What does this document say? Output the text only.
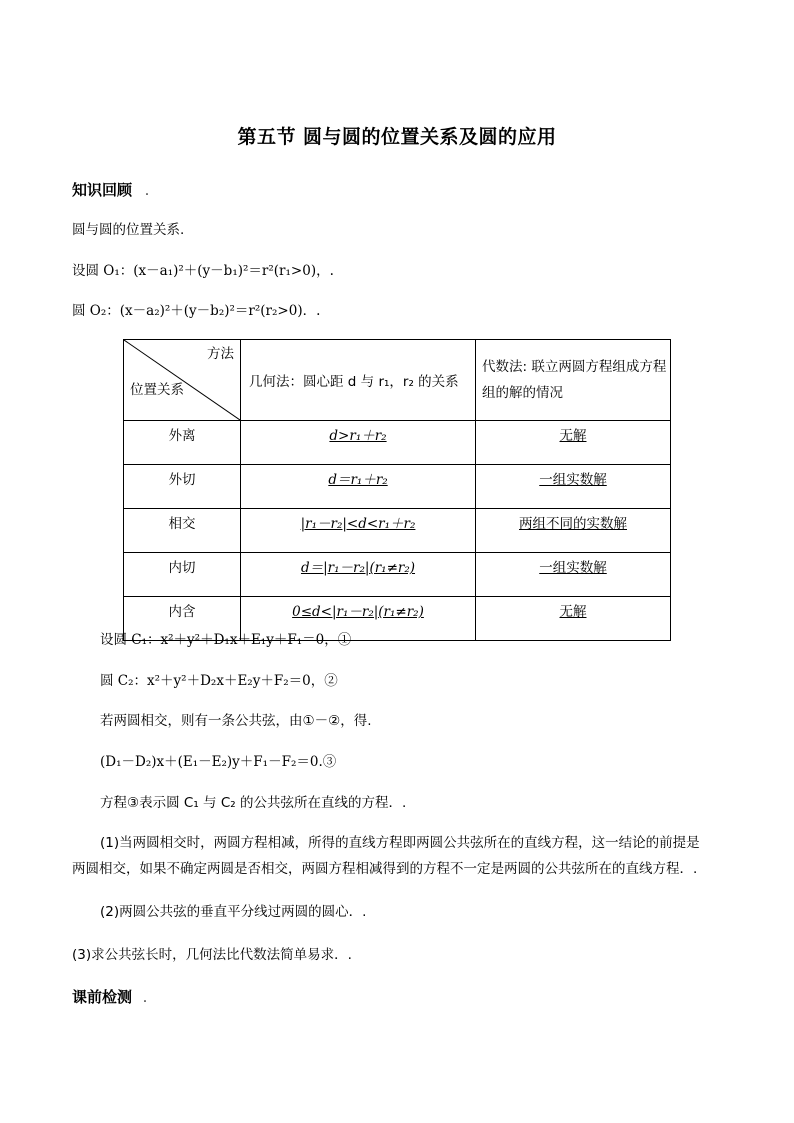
第五节 圆与圆的位置关系及圆的应用
知识回顾 .
圆与圆的位置关系.
设圆 O₁：(x－a₁)²＋(y－b₁)²＝r²(r₁>0)，.
圆 O₂：(x－a₂)²＋(y－b₂)²＝r²(r₂>0)．.
方法
位置关系	几何法：圆心距 d 与 r₁，r₂ 的关系	代数法: 联立两圆方程组成方程组的解的情况
外离	d>r₁＋r₂	无解
外切	d＝r₁＋r₂	一组实数解
相交	|r₁－r₂|<d<r₁＋r₂	两组不同的实数解
内切	d＝|r₁－r₂|(r₁≠r₂)	一组实数解
内含	0≤d<|r₁－r₂|(r₁≠r₂)	无解
设圆 C₁：x²＋y²＋D₁x＋E₁y＋F₁＝0，①
圆 C₂：x²＋y²＋D₂x＋E₂y＋F₂＝0，②
若两圆相交，则有一条公共弦，由①－②，得.
(D₁－D₂)x＋(E₁－E₂)y＋F₁－F₂＝0.③
方程③表示圆 C₁ 与 C₂ 的公共弦所在直线的方程．.
(1)当两圆相交时，两圆方程相减，所得的直线方程即两圆公共弦所在的直线方程，这一结论的前提是
两圆相交，如果不确定两圆是否相交，两圆方程相减得到的方程不一定是两圆的公共弦所在的直线方程．.
(2)两圆公共弦的垂直平分线过两圆的圆心．.
(3)求公共弦长时，几何法比代数法简单易求．.
课前检测 .
